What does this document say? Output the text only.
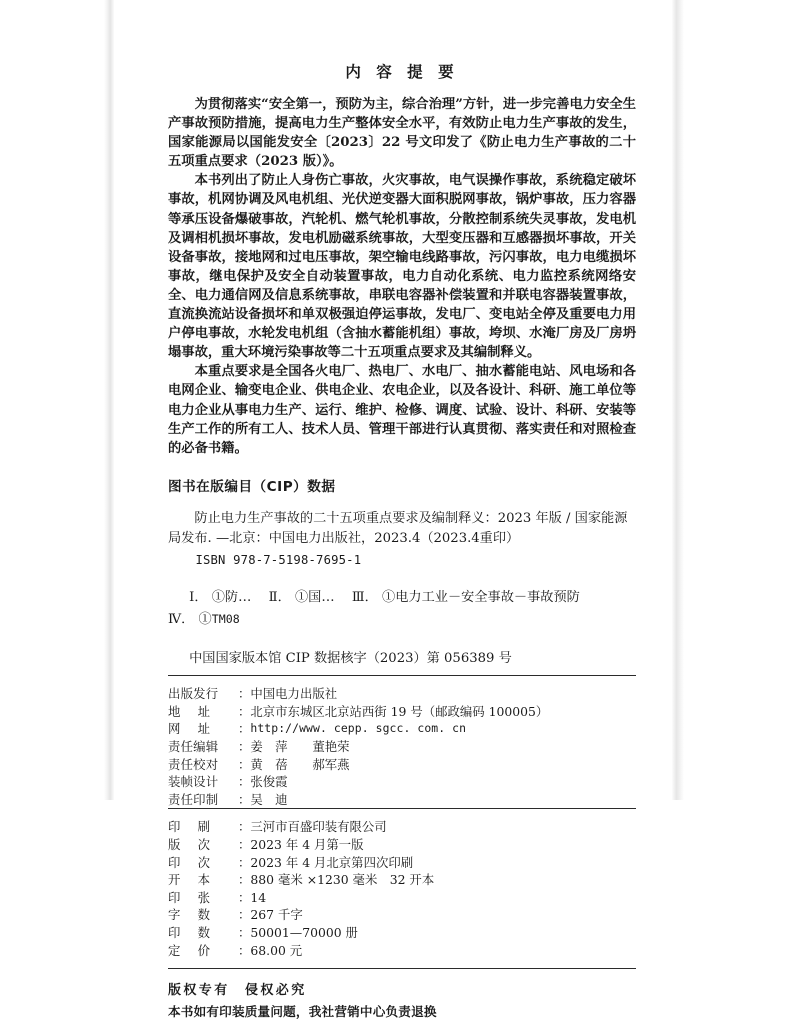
内 容 提 要

为贯彻落实“安全第一，预防为主，综合治理”方针，进一步完善电力安全生产事故预防措施，提高电力生产整体安全水平，有效防止电力生产事故的发生，国家能源局以国能发安全〔2023〕22 号文印发了《防止电力生产事故的二十五项重点要求（2023 版）》。

本书列出了防止人身伤亡事故，火灾事故，电气误操作事故，系统稳定破坏事故，机网协调及风电机组、光伏逆变器大面积脱网事故，锅炉事故，压力容器等承压设备爆破事故，汽轮机、燃气轮机事故，分散控制系统失灵事故，发电机及调相机损坏事故，发电机励磁系统事故，大型变压器和互感器损坏事故，开关设备事故，接地网和过电压事故，架空输电线路事故，污闪事故，电力电缆损坏事故，继电保护及安全自动装置事故，电力自动化系统、电力监控系统网络安全、电力通信网及信息系统事故，串联电容器补偿装置和并联电容器装置事故，直流换流站设备损坏和单双极强迫停运事故，发电厂、变电站全停及重要电力用户停电事故，水轮发电机组（含抽水蓄能机组）事故，垮坝、水淹厂房及厂房坍塌事故，重大环境污染事故等二十五项重点要求及其编制释义。

本重点要求是全国各火电厂、热电厂、水电厂、抽水蓄能电站、风电场和各电网企业、输变电企业、供电企业、农电企业，以及各设计、科研、施工单位等电力企业从事电力生产、运行、维护、检修、调度、试验、设计、科研、安装等生产工作的所有工人、技术人员、管理干部进行认真贯彻、落实责任和对照检查的必备书籍。

图书在版编目（CIP）数据

防止电力生产事故的二十五项重点要求及编制释义：2023 年版 / 国家能源局发布. —北京：中国电力出版社，2023.4（2023.4重印）

ISBN 978-7-5198-7695-1

Ⅰ． ①防…　 Ⅱ． ①国…　 Ⅲ． ①电力工业－安全事故－事故预防

Ⅳ． ①TM08

中国国家版本馆 CIP 数据核字（2023）第 056389 号
出版发行	： 中国电力出版社
地 址	： 北京市东城区北京站西街 19 号（邮政编码 100005）
网 址	： http://www. cepp. sgcc. com. cn
责任编辑	： 姜　萍　　董艳荣
责任校对	： 黄　蓓　　郝军燕
装帧设计	： 张俊霞
责任印制	： 吴　迪
印 刷	： 三河市百盛印装有限公司
版 次	： 2023 年 4 月第一版
印 次	： 2023 年 4 月北京第四次印刷
开 本	： 880 毫米 ×1230 毫米　32 开本
印 张	： 14
字 数	： 267 千字
印 数	： 50001—70000 册
定 价	： 68.00 元

版权专有　侵权必究

本书如有印装质量问题，我社营销中心负责退换
